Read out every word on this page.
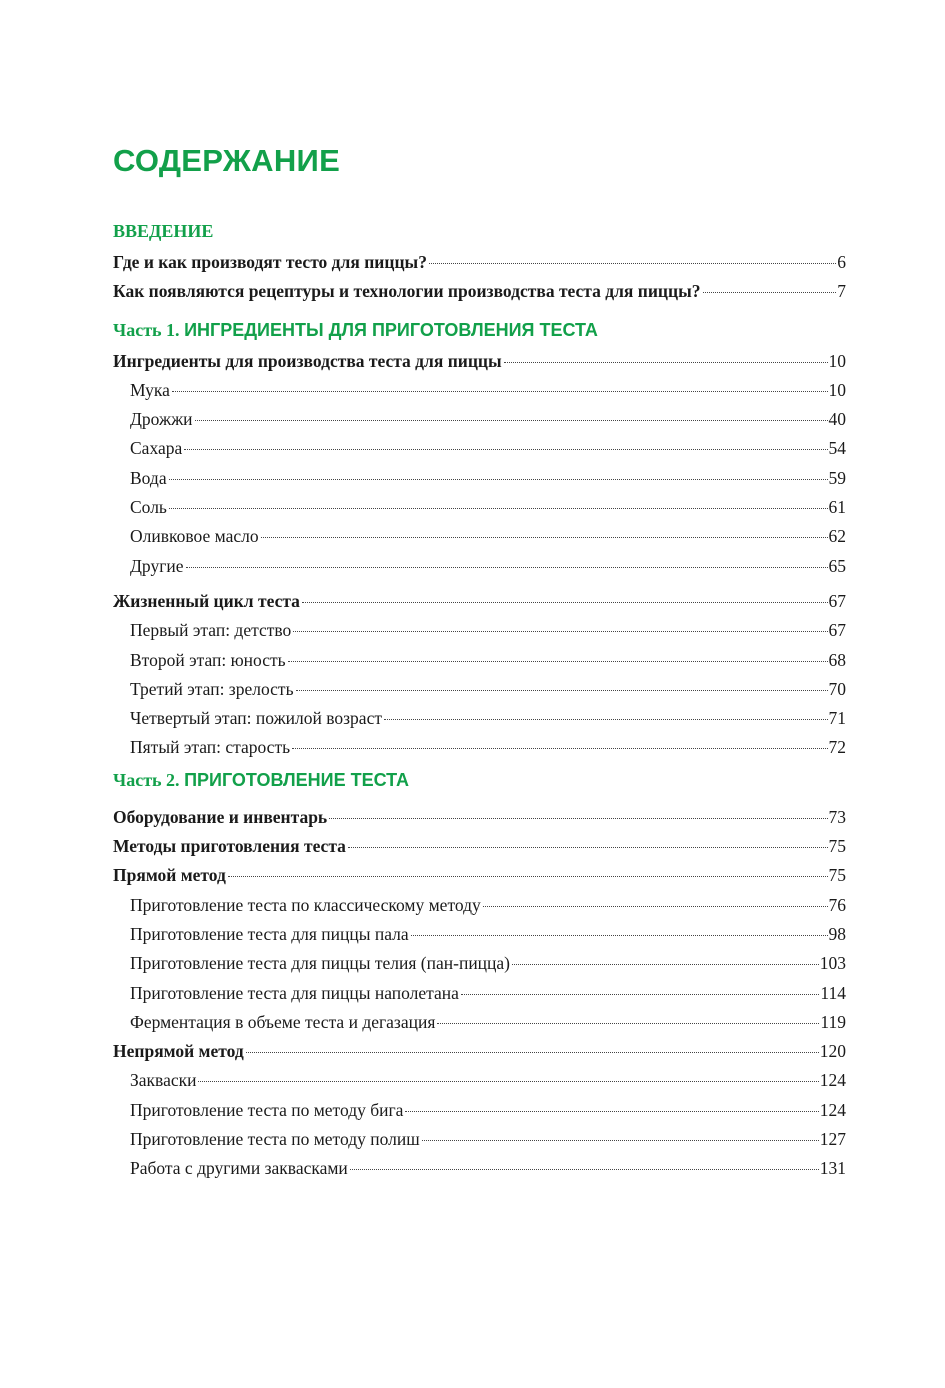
СОДЕРЖАНИЕ
ВВЕДЕНИЕ
Где и как производят тесто для пиццы?	6
Как появляются рецептуры и технологии производства теста для пиццы?	7
Часть 1. ИНГРЕДИЕНТЫ ДЛЯ ПРИГОТОВЛЕНИЯ ТЕСТА
Ингредиенты для производства теста для пиццы	10
Мука	10
Дрожжи	40
Сахара	54
Вода	59
Соль	61
Оливковое масло	62
Другие	65
Жизненный цикл теста	67
Первый этап: детство	67
Второй этап: юность	68
Третий этап: зрелость	70
Четвертый этап: пожилой возраст	71
Пятый этап: старость	72
Часть 2. ПРИГОТОВЛЕНИЕ ТЕСТА
Оборудование и инвентарь	73
Методы приготовления теста	75
Прямой метод	75
Приготовление теста по классическому методу	76
Приготовление теста для пиццы пала	98
Приготовление теста для пиццы телия (пан-пицца)	103
Приготовление теста для пиццы наполетана	114
Ферментация в объеме теста и дегазация	119
Непрямой метод	120
Закваски	124
Приготовление теста по методу бига	124
Приготовление теста по методу полиш	127
Работа с другими заквасками	131
